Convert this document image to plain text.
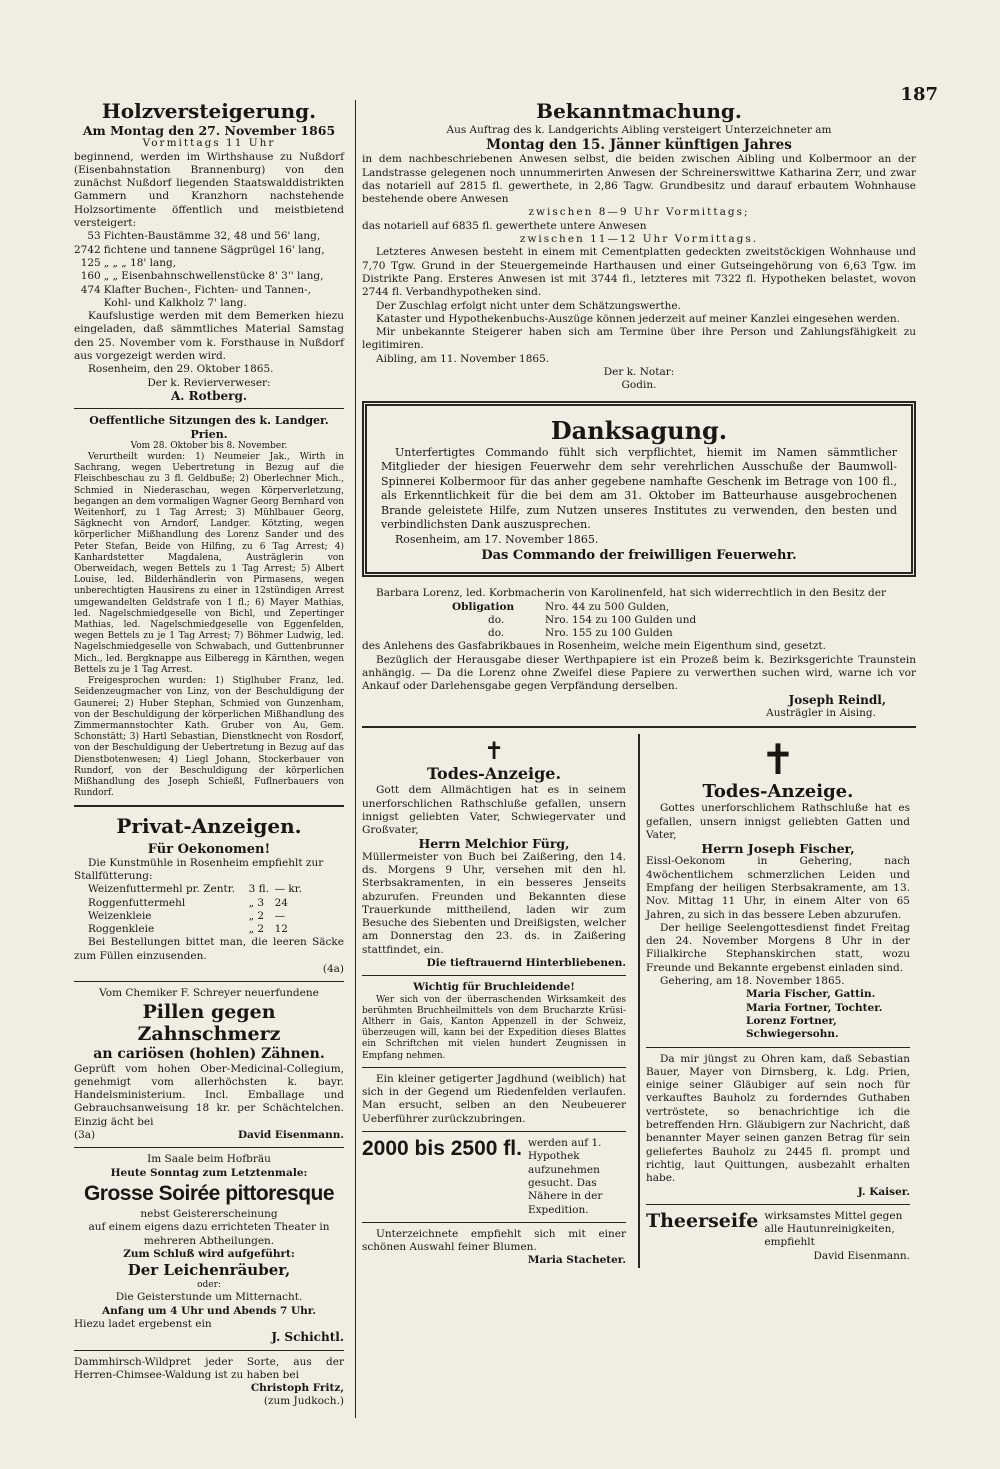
187
Holzversteigerung.

Am Montag den 27. November 1865

Vormittags 11 Uhr

beginnend, werden im Wirthshause zu Nußdorf (Eisenbahnstation Brannenburg) von den zunächst Nußdorf liegenden Staatswalddistrikten Gammern und Kranzhorn nachstehende Holzsortimente öffentlich und meistbietend versteigert:

53	Fichten-Baustämme 32, 48 und 56' lang,
2742	fichtene und tannene Sägprügel 16' lang,
125	„ „ „ 18' lang,
160	„ „ Eisenbahnschwellenstücke 8' 3'' lang,
474	Klafter Buchen-, Fichten- und Tannen-, Kohl- und Kalkholz 7' lang.

Kaufslustige werden mit dem Bemerken hiezu eingeladen, daß sämmtliches Material Samstag den 25. November vom k. Forsthause in Nußdorf aus vorgezeigt werden wird.

Rosenheim, den 29. Oktober 1865.

Der k. Revierverweser:

A. Rotberg.

Oeffentliche Sitzungen des k. Landger. Prien.

Vom 28. Oktober bis 8. November.

Verurtheilt wurden: 1) Neumeier Jak., Wirth in Sachrang, wegen Uebertretung in Bezug auf die Fleischbeschau zu 3 fl. Geldbuße; 2) Oberlechner Mich., Schmied in Niederaschau, wegen Körperverletzung, begangen an dem vormaligen Wagner Georg Bernhard von Weitenhorf, zu 1 Tag Arrest; 3) Mühlbauer Georg, Sägknecht von Arndorf, Landger. Kötzting, wegen körperlicher Mißhandlung des Lorenz Sander und des Peter Stefan, Beide von Hilfing, zu 6 Tag Arrest; 4) Kanhardstetter Magdalena, Austräglerin von Oberweidach, wegen Bettels zu 1 Tag Arrest; 5) Albert Louise, led. Bilderhändlerin von Pirmasens, wegen unberechtigten Hausirens zu einer in 12stündigen Arrest umgewandelten Geldstrafe von 1 fl.; 6) Mayer Mathias, led. Nagelschmiedgeselle von Bichl, und Zepertinger Mathias, led. Nagelschmiedgeselle von Eggenfelden, wegen Bettels zu je 1 Tag Arrest; 7) Böhmer Ludwig, led. Nagelschmiedgeselle von Schwabach, und Guttenbrunner Mich., led. Bergknappe aus Eilberegg in Kärnthen, wegen Bettels zu je 1 Tag Arrest.

Freigesprochen wurden: 1) Stiglhuber Franz, led. Seidenzeugmacher von Linz, von der Beschuldigung der Gaunerei; 2) Huber Stephan, Schmied von Gunzenham, von der Beschuldigung der körperlichen Mißhandlung des Zimmermannstochter Kath. Gruber von Au, Gem. Schonstätt; 3) Hartl Sebastian, Dienstknecht von Rosdorf, von der Beschuldigung der Uebertretung in Bezug auf das Dienstbotenwesen; 4) Liegl Johann, Stockerbauer von Rundorf, von der Beschuldigung der körperlichen Mißhandlung des Joseph Schießl, Fuflnerbauers von Rundorf.

Privat-Anzeigen.

Für Oekonomen!

Die Kunstmühle in Rosenheim empfiehlt zur Stallfütterung:

Weizenfuttermehl pr. Zentr.	3 fl.	— kr.
Roggenfuttermehl	„ 3	24
Weizenkleie	„ 2	—
Roggenkleie	„ 2	12

Bei Bestellungen bittet man, die leeren Säcke zum Füllen einzusenden.

(4a)

Vom Chemiker F. Schreyer neuerfundene

Pillen gegen Zahnschmerz

an cariösen (hohlen) Zähnen.

Geprüft vom hohen Ober-Medicinal-Collegium, genehmigt vom allerhöchsten k. bayr. Handelsministerium. Incl. Emballage und Gebrauchsanweisung 18 kr. per Schächtelchen. Einzig ächt bei

(3a)	David Eisenmann.

Im Saale beim Hofbräu

Heute Sonntag zum Letztenmale:

Grosse Soirée pittoresque

nebst Geistererscheinung

auf einem eigens dazu errichteten Theater in mehreren Abtheilungen.

Zum Schluß wird aufgeführt:

Der Leichenräuber,

oder:

Die Geisterstunde um Mitternacht.

Anfang um 4 Uhr und Abends 7 Uhr.

Hiezu ladet ergebenst ein

J. Schichtl.

Dammhirsch-Wildpret jeder Sorte, aus der Herren-Chimsee-Waldung ist zu haben bei

Christoph Fritz,

(zum Judkoch.)

Bekanntmachung.

Aus Auftrag des k. Landgerichts Aibling versteigert Unterzeichneter am

Montag den 15. Jänner künftigen Jahres

in dem nachbeschriebenen Anwesen selbst, die beiden zwischen Aibling und Kolbermoor an der Landstrasse gelegenen noch unnummerirten Anwesen der Schreinerswittwe Katharina Zerr, und zwar das notariell auf 2815 fl. gewerthete, in 2,86 Tagw. Grundbesitz und darauf erbautem Wohnhause bestehende obere Anwesen

zwischen 8—9 Uhr Vormittags;

das notariell auf 6835 fl. gewerthete untere Anwesen

zwischen 11—12 Uhr Vormittags.

Letzteres Anwesen besteht in einem mit Cementplatten gedeckten zweitstöckigen Wohnhause und 7,70 Tgw. Grund in der Steuergemeinde Harthausen und einer Gutseingehörung von 6,63 Tgw. im Distrikte Pang. Ersteres Anwesen ist mit 3744 fl., letzteres mit 7322 fl. Hypotheken belastet, wovon 2744 fl. Verbandhypotheken sind.

Der Zuschlag erfolgt nicht unter dem Schätzungswerthe.

Kataster und Hypothekenbuchs-Auszüge können jederzeit auf meiner Kanzlei eingesehen werden.

Mir unbekannte Steigerer haben sich am Termine über ihre Person und Zahlungsfähigkeit zu legitimiren.

Aibling, am 11. November 1865.

Der k. Notar:

Godin.

Danksagung.

Unterfertigtes Commando fühlt sich verpflichtet, hiemit im Namen sämmtlicher Mitglieder der hiesigen Feuerwehr dem sehr verehrlichen Ausschuße der Baumwoll-Spinnerei Kolbermoor für das anher gegebene namhafte Geschenk im Betrage von 100 fl., als Erkenntlichkeit für die bei dem am 31. Oktober im Batteurhause ausgebrochenen Brande geleistete Hilfe, zum Nutzen unseres Institutes zu verwenden, den besten und verbindlichsten Dank auszusprechen.

Rosenheim, am 17. November 1865.

Das Commando der freiwilligen Feuerwehr.

Barbara Lorenz, led. Korbmacherin von Karolinenfeld, hat sich widerrechtlich in den Besitz der

Obligation	Nro. 44 zu 500 Gulden,
do.	Nro. 154 zu 100 Gulden und
do.	Nro. 155 zu 100 Gulden

des Anlehens des Gasfabrikbaues in Rosenheim, welche mein Eigenthum sind, gesetzt.

Bezüglich der Herausgabe dieser Werthpapiere ist ein Prozeß beim k. Bezirksgerichte Traunstein anhängig. — Da die Lorenz ohne Zweifel diese Papiere zu verwerthen suchen wird, warne ich vor Ankauf oder Darlehensgabe gegen Verpfändung derselben.

Joseph Reindl,

Austrägler in Aising.

✝
Todes-Anzeige.

Gott dem Allmächtigen hat es in seinem unerforschlichen Rathschluße gefallen, unsern innigst geliebten Vater, Schwiegervater und Großvater,

Herrn Melchior Fürg,

Müllermeister von Buch bei Zaißering, den 14. ds. Morgens 9 Uhr, versehen mit den hl. Sterbsakramenten, in ein besseres Jenseits abzurufen. Freunden und Bekannten diese Trauerkunde mittheilend, laden wir zum Besuche des Siebenten und Dreißigsten, welcher am Donnerstag den 23. ds. in Zaißering stattfindet, ein.

Die tieftrauernd Hinterbliebenen.

Wichtig für Bruchleidende!

Wer sich von der überraschenden Wirksamkeit des berühmten Bruchheilmittels von dem Brucharzte Krüsi-Altherr in Gais, Kanton Appenzell in der Schweiz, überzeugen will, kann bei der Expedition dieses Blattes ein Schriftchen mit vielen hundert Zeugnissen in Empfang nehmen.

Ein kleiner getigerter Jagdhund (weiblich) hat sich in der Gegend um Riedenfelden verlaufen. Man ersucht, selben an den Neubeuerer Ueberführer zurückzubringen.

2000 bis 2500 fl. werden auf 1. Hypothek aufzunehmen gesucht. Das Nähere in der Expedition.

Unterzeichnete empfiehlt sich mit einer schönen Auswahl feiner Blumen.

Maria Stacheter.

✝
Todes-Anzeige.

Gottes unerforschlichem Rathschluße hat es gefallen, unsern innigst geliebten Gatten und Vater,

Herrn Joseph Fischer,

Eissl-Oekonom in Gehering, nach 4wöchentlichem schmerzlichen Leiden und Empfang der heiligen Sterbsakramente, am 13. Nov. Mittag 11 Uhr, in einem Alter von 65 Jahren, zu sich in das bessere Leben abzurufen.

Der heilige Seelengottesdienst findet Freitag den 24. November Morgens 8 Uhr in der Filialkirche Stephanskirchen statt, wozu Freunde und Bekannte ergebenst einladen sind.

Gehering, am 18. November 1865.

Maria Fischer, Gattin.

Maria Fortner, Tochter.

Lorenz Fortner, Schwiegersohn.

Da mir jüngst zu Ohren kam, daß Sebastian Bauer, Mayer von Dirnsberg, k. Ldg. Prien, einige seiner Gläubiger auf sein noch für verkauftes Bauholz zu forderndes Guthaben vertröstete, so benachrichtige ich die betreffenden Hrn. Gläubigern zur Nachricht, daß benannter Mayer seinen ganzen Betrag für sein geliefertes Bauholz zu 2445 fl. prompt und richtig, laut Quittungen, ausbezahlt erhalten habe.

J. Kaiser.

Theerseife wirksamstes Mittel gegen alle Hautunreinigkeiten, empfiehlt

David Eisenmann.
